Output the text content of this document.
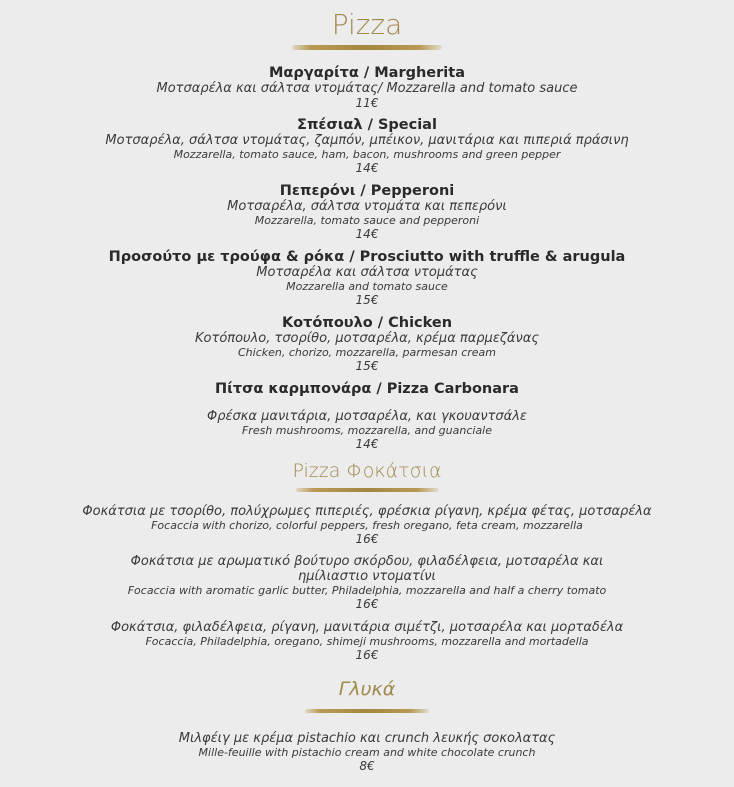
Pizza
Μαργαρίτα / Margherita
Μοτσαρέλα και σάλτσα ντομάτας/ Mozzarella and tomato sauce
11€
Σπέσιαλ / Special
Μοτσαρέλα, σάλτσα ντομάτας, ζαμπόν, μπέικον, μανιτάρια και πιπεριά πράσινη
Mozzarella, tomato sauce, ham, bacon, mushrooms and green pepper
14€
Πεπερόνι / Pepperoni
Μοτσαρέλα, σάλτσα ντομάτα και πεπερόνι
Mozzarella, tomato sauce and pepperoni
14€
Προσούτο με τρούφα & ρόκα / Prosciutto with truffle & arugula
Μοτσαρέλα και σάλτσα ντομάτας
Mozzarella and tomato sauce
15€
Κοτόπουλο / Chicken
Κοτόπουλο, τσορίθο, μοτσαρέλα, κρέμα παρμεζάνας
Chicken, chorizo, mozzarella, parmesan cream
15€
Πίτσα καρμπονάρα / Pizza Carbonara
Φρέσκα μανιτάρια, μοτσαρέλα, και γκουαντσάλε
Fresh mushrooms, mozzarella, and guanciale
14€
Pizza Φοκάτσια
Φοκάτσια με τσορίθο, πολύχρωμες πιπεριές, φρέσκια ρίγανη, κρέμα φέτας, μοτσαρέλα
Focaccia with chorizo, colorful peppers, fresh oregano, feta cream, mozzarella
16€
Φοκάτσια με αρωματικό βούτυρο σκόρδου, φιλαδέλφεια, μοτσαρέλα και
ημίλιαστιο ντοματίνι
Focaccia with aromatic garlic butter, Philadelphia, mozzarella and half a cherry tomato
16€
Φοκάτσια, φιλαδέλφεια, ρίγανη, μανιτάρια σιμέτζι, μοτσαρέλα και μορταδέλα
Focaccia, Philadelphia, oregano, shimeji mushrooms, mozzarella and mortadella
16€
Γλυκά
Μιλφέιγ με κρέμα pistachio και crunch λευκής σοκολατας
Mille-feuille with pistachio cream and white chocolate crunch
8€
